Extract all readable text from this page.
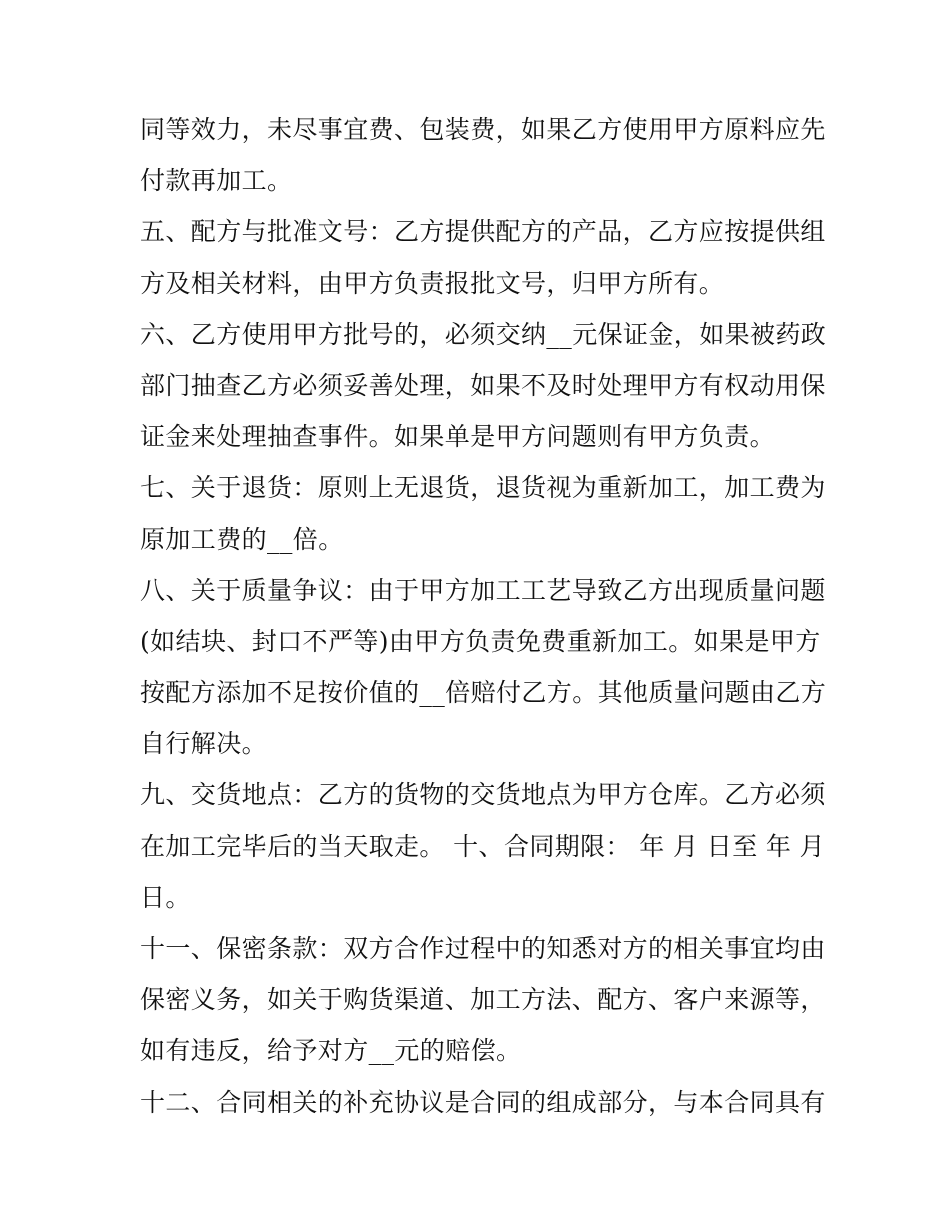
同等效力，未尽事宜费、包装费，如果乙方使用甲方原料应先
付款再加工。
五、配方与批准文号：乙方提供配方的产品，乙方应按提供组
方及相关材料，由甲方负责报批文号，归甲方所有。
六、乙方使用甲方批号的，必须交纳__元保证金，如果被药政
部门抽查乙方必须妥善处理，如果不及时处理甲方有权动用保
证金来处理抽查事件。如果单是甲方问题则有甲方负责。
七、关于退货：原则上无退货，退货视为重新加工，加工费为
原加工费的__倍。
八、关于质量争议：由于甲方加工工艺导致乙方出现质量问题
(如结块、封口不严等)由甲方负责免费重新加工。如果是甲方
按配方添加不足按价值的__倍赔付乙方。其他质量问题由乙方
自行解决。
九、交货地点：乙方的货物的交货地点为甲方仓库。乙方必须
在加工完毕后的当天取走。 十、合同期限： 年 月 日至 年 月
日。
十一、保密条款：双方合作过程中的知悉对方的相关事宜均由
保密义务，如关于购货渠道、加工方法、配方、客户来源等，
如有违反，给予对方__元的赔偿。
十二、合同相关的补充协议是合同的组成部分，与本合同具有
